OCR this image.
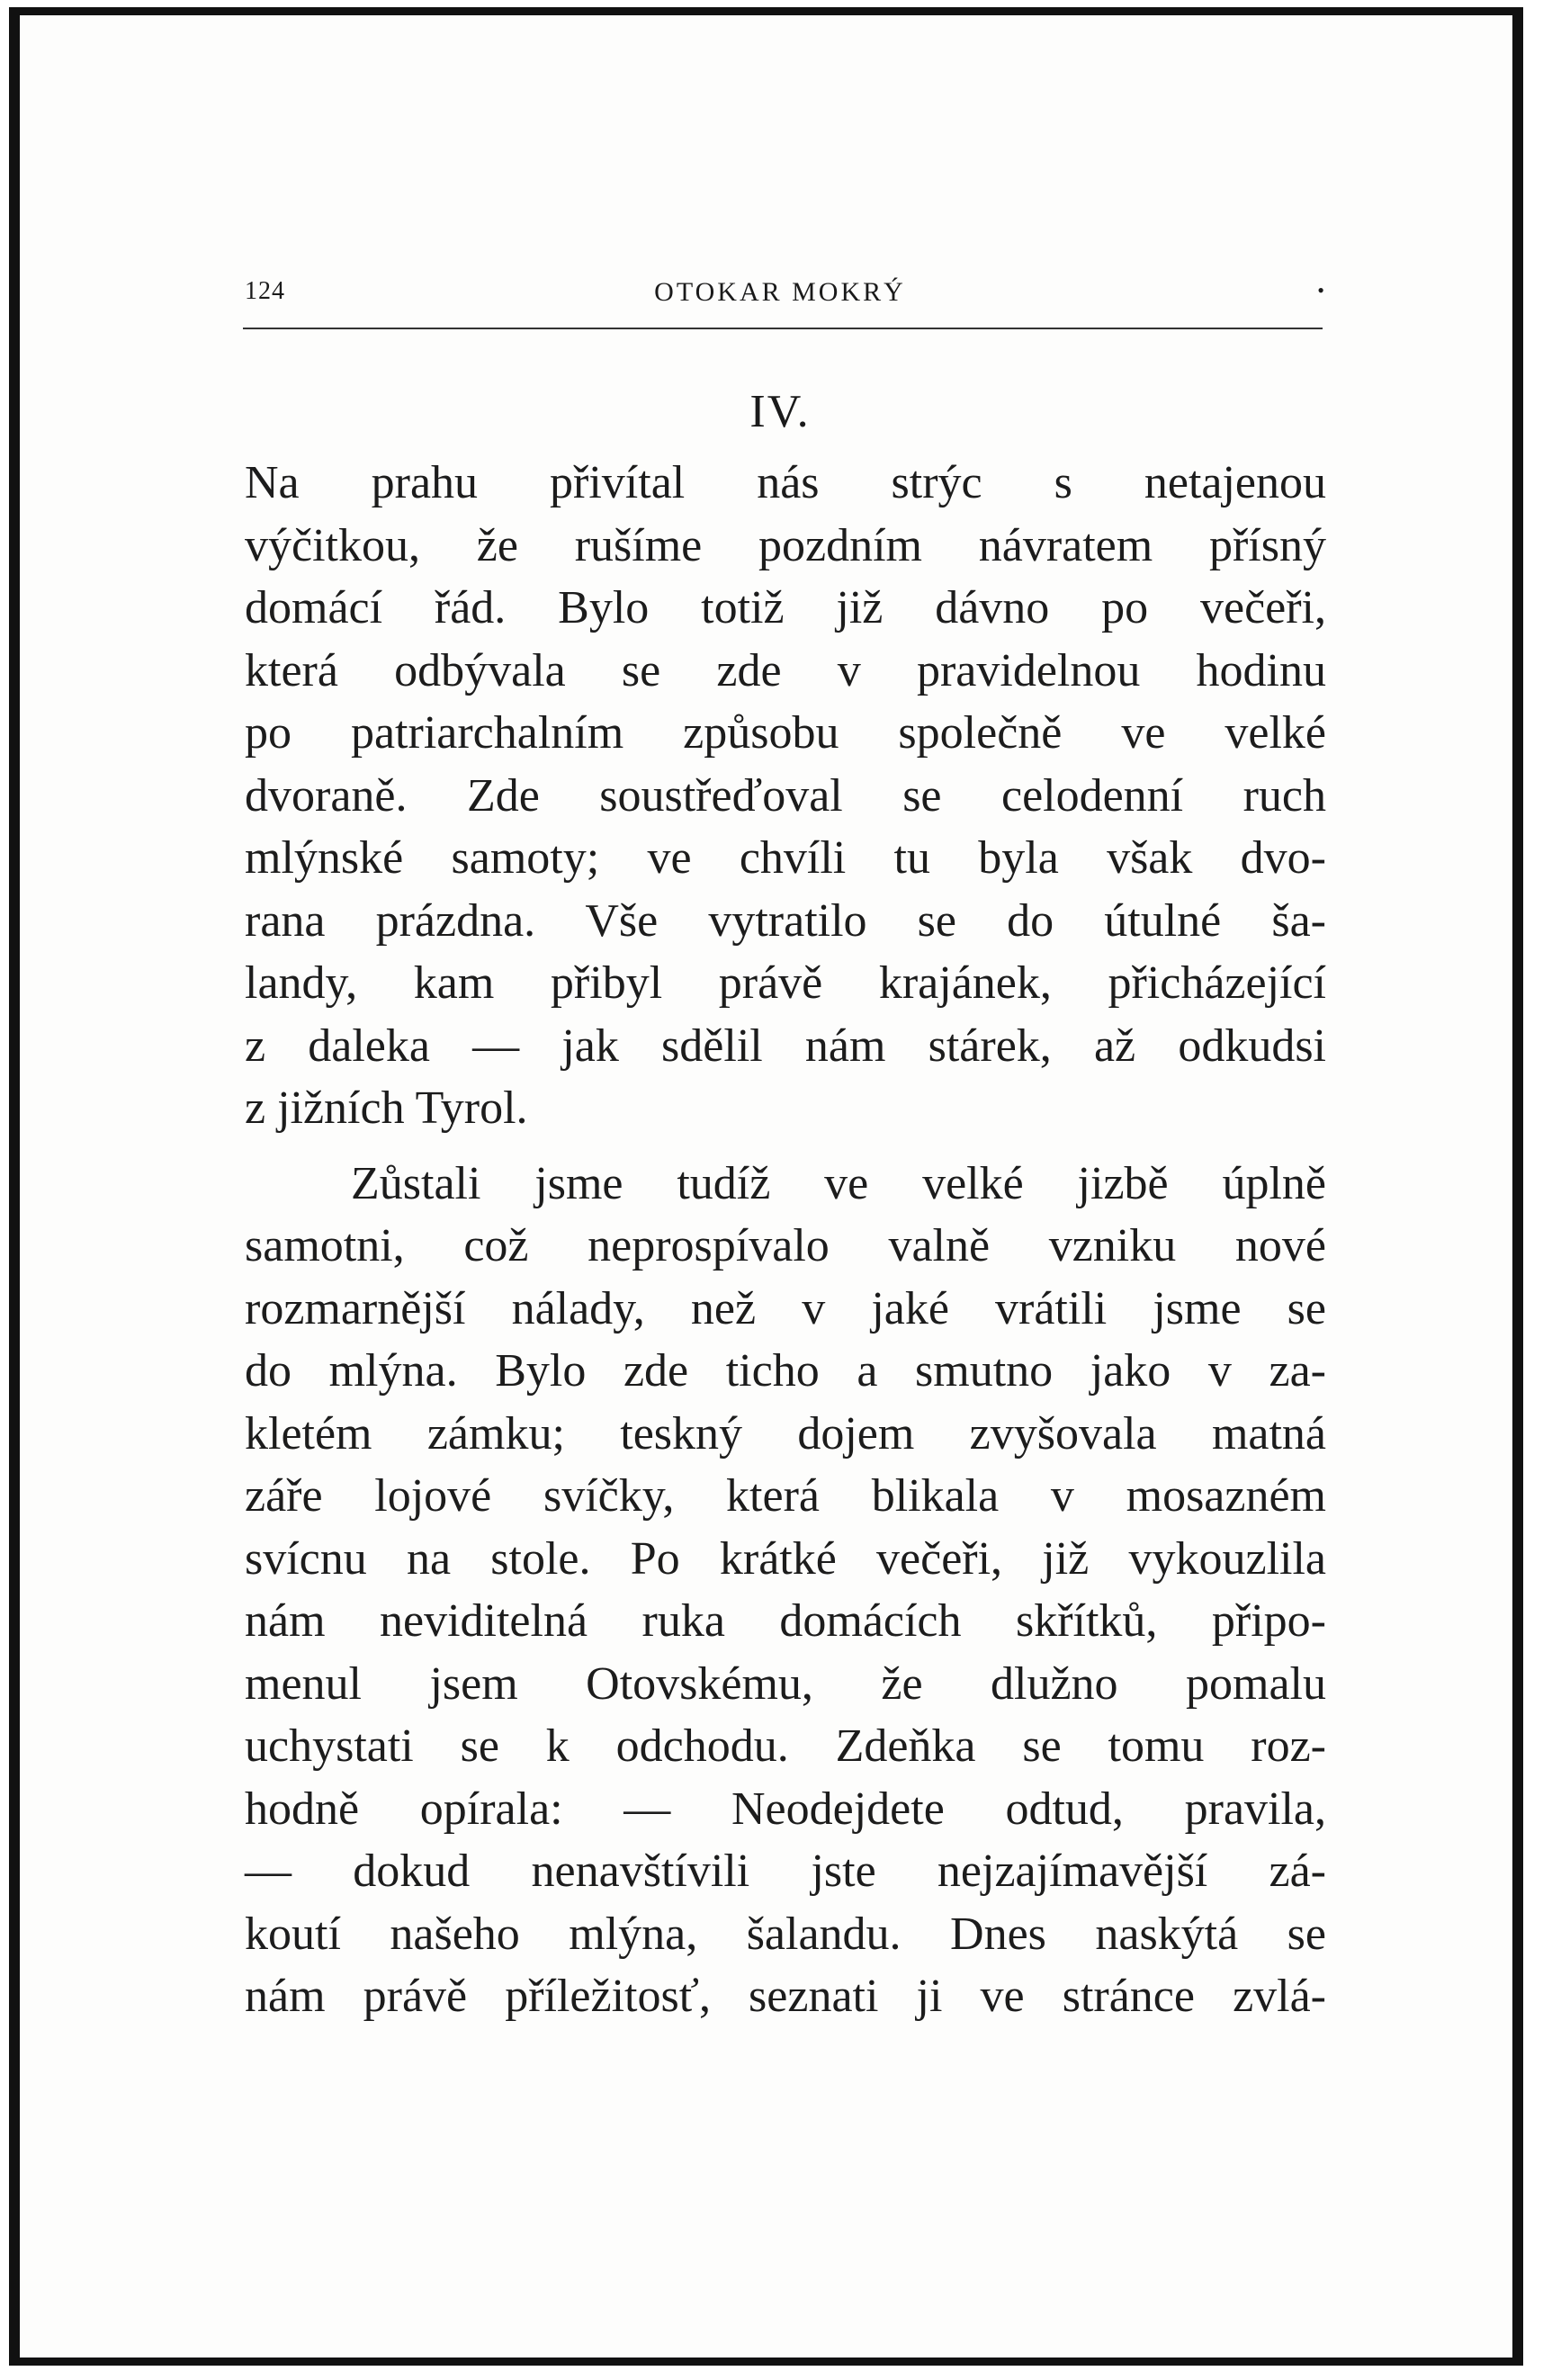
124	OTOKAR MOKRÝ	•
IV.
Na prahu přivítal nás strýc s netajenou
výčitkou, že rušíme pozdním návratem přísný
domácí řád. Bylo totiž již dávno po večeři,
která odbývala se zde v pravidelnou hodinu
po patriarchalním způsobu společně ve velké
dvoraně. Zde soustřeďoval se celodenní ruch
mlýnské samoty; ve chvíli tu byla však dvo-
rana prázdna. Vše vytratilo se do útulné ša-
landy, kam přibyl právě krajánek, přicházející
z daleka — jak sdělil nám stárek, až odkudsi
z jižních Tyrol.
Zůstali jsme tudíž ve velké jizbě úplně
samotni, což neprospívalo valně vzniku nové
rozmarnější nálady, než v jaké vrátili jsme se
do mlýna. Bylo zde ticho a smutno jako v za-
kletém zámku; teskný dojem zvyšovala matná
záře lojové svíčky, která blikala v mosazném
svícnu na stole. Po krátké večeři, již vykouzlila
nám neviditelná ruka domácích skřítků, připo-
menul jsem Otovskému, že dlužno pomalu
uchystati se k odchodu. Zdeňka se tomu roz-
hodně opírala: — Neodejdete odtud, pravila,
— dokud nenavštívili jste nejzajímavější zá-
koutí našeho mlýna, šalandu. Dnes naskýtá se
nám právě příležitosť, seznati ji ve stránce zvlá-
